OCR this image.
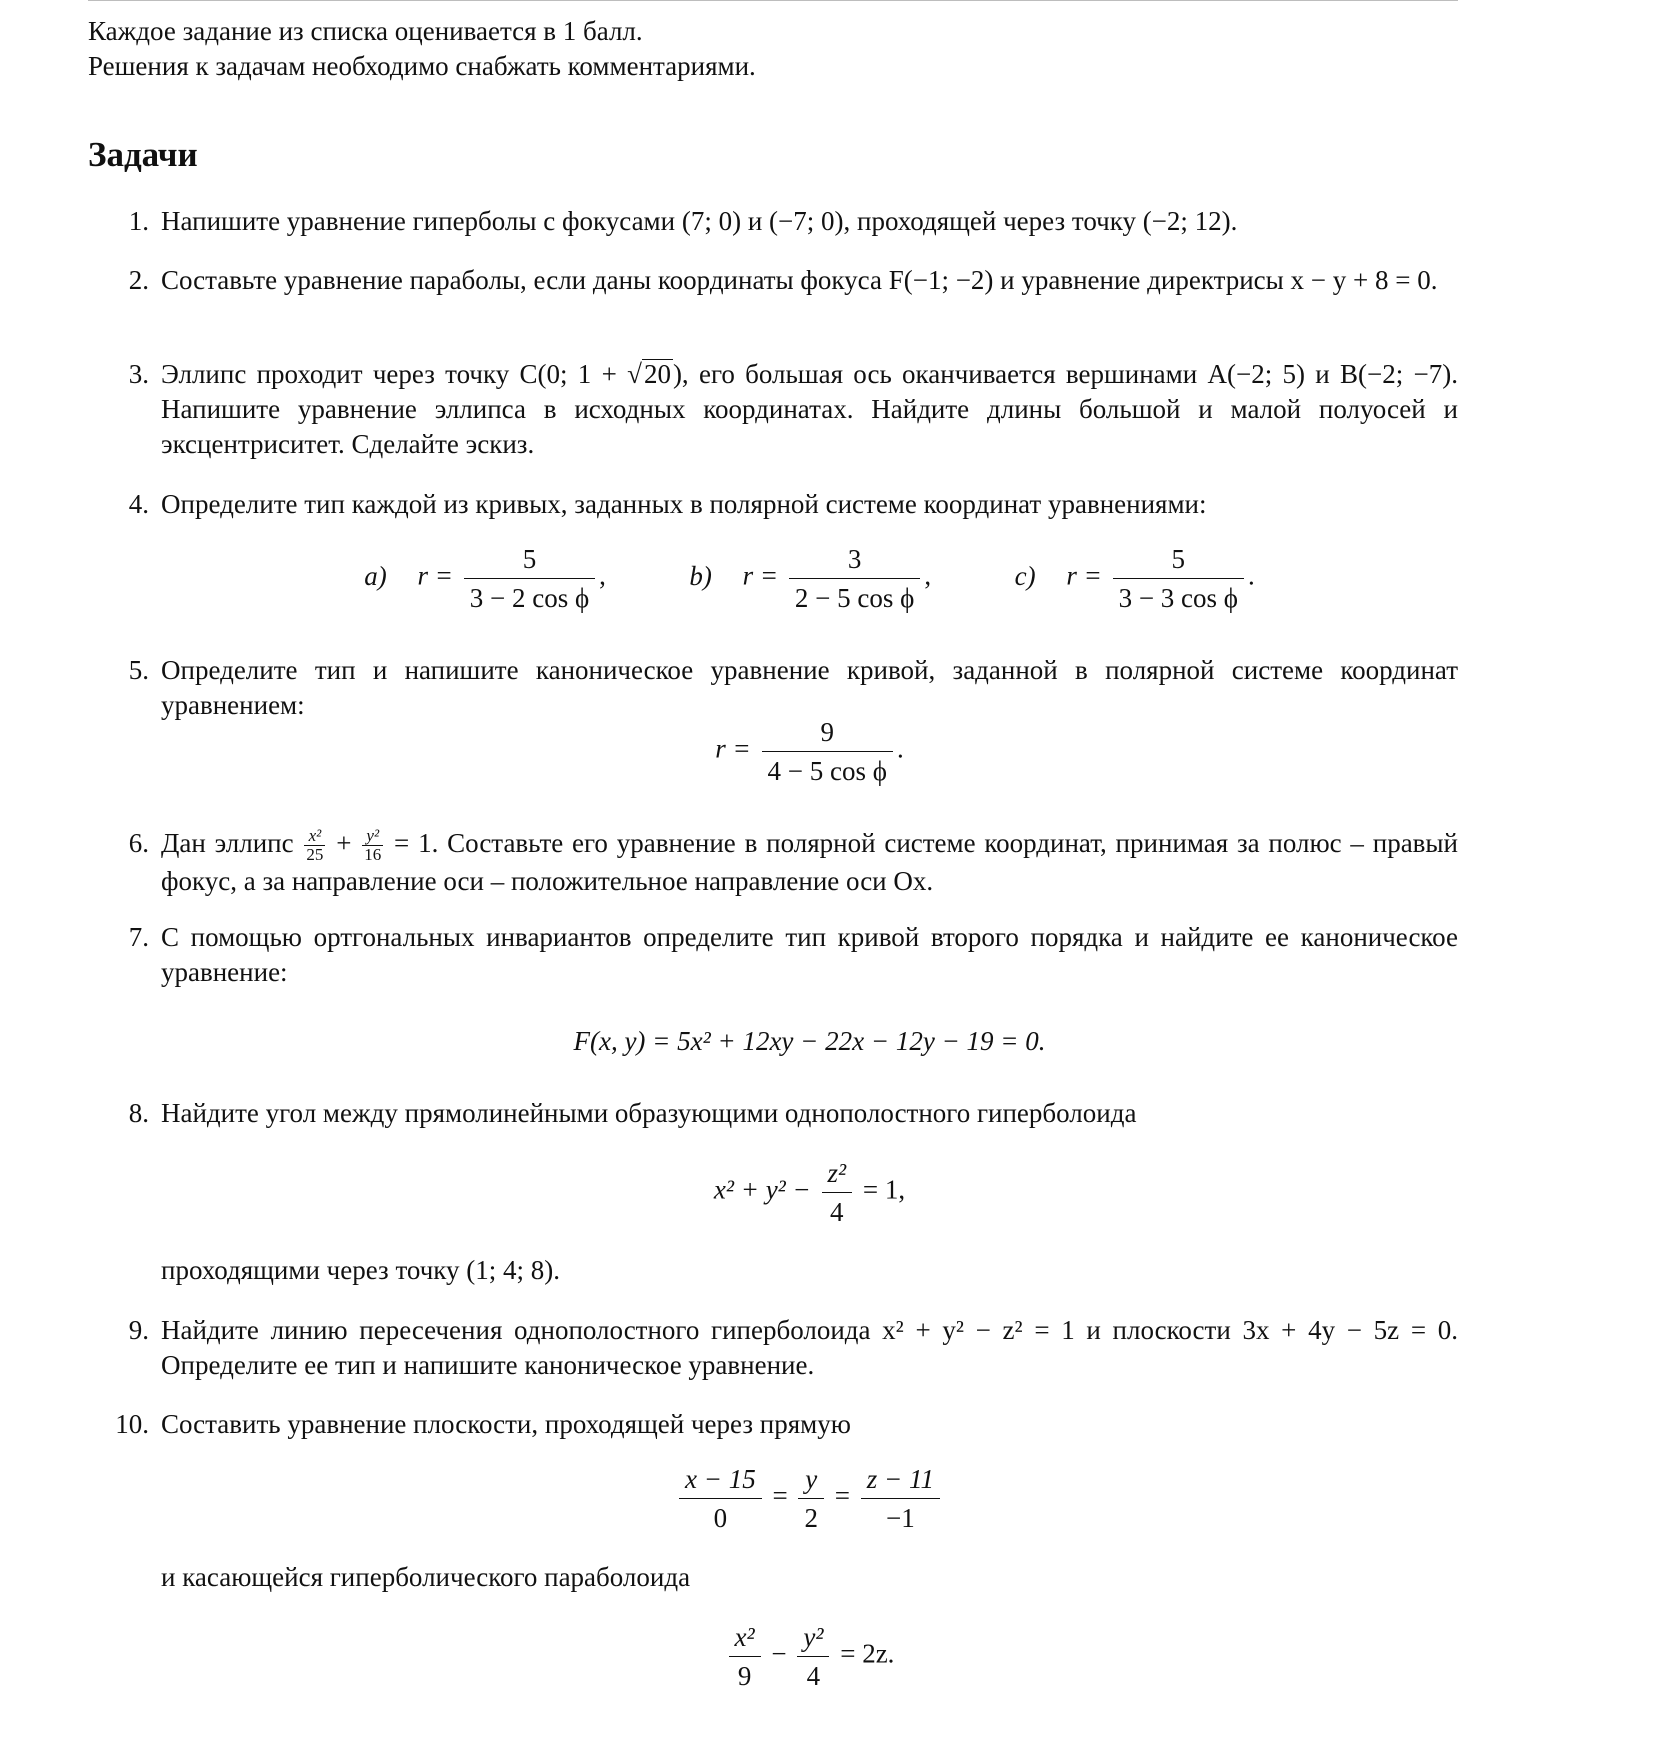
Каждое задание из списка оценивается в 1 балл.

Решения к задачам необходимо снабжать комментариями.

Задачи
1. Напишите уравнение гиперболы с фокусами (7; 0) и (−7; 0), проходящей через точку (−2; 12).

2. Составьте уравнение параболы, если даны координаты фокуса F(−1; −2) и уравнение директрисы x − y + 8 = 0.

3. Эллипс проходит через точку C(0; 1 + √20), его большая ось оканчивается вершинами A(−2; 5) и B(−2; −7). Напишите уравнение эллипса в исходных координатах. Найдите длины большой и малой полуосей и эксцентриситет. Сделайте эскиз.

4. Определите тип каждой из кривых, заданных в полярной системе координат уравнениями:

a) $r = \frac{5}{\text{3 − 2 cos ϕ}}$ ,	b) $r = \frac{3}{\text{2 − 5 cos ϕ}}$ ,	c) $r = \frac{5}{\text{3 − 3 cos ϕ}}$ .
5. Определите тип и напишите каноническое уравнение кривой, заданной в полярной системе координат уравнением:

$r = \frac{9}{\text{4 − 5 cos ϕ}}$ .
6. Дан эллипс $\frac{\text{x²}}{25} + \frac{\text{y²}}{16} = 1$. Составьте его уравнение в полярной системе координат, принимая за полюс – правый фокус, а за направление оси – положительное направление оси Ox.

7. С помощью ортгональных инвариантов определите тип кривой второго порядка и найдите ее каноническое уравнение:

F(x, y) = 5x² + 12xy − 22x − 12y − 19 = 0.
8. Найдите угол между прямолинейными образующими однополостного гиперболоида

$x^2 + y^2 - \frac{\text{z²}}{4} = 1$,

проходящими через точку (1; 4; 8).

9. Найдите линию пересечения однополостного гиперболоида x² + y² − z² = 1 и плоскости 3x + 4y − 5z = 0. Определите ее тип и напишите каноническое уравнение.

10. Составить уравнение плоскости, проходящей через прямую

$\frac{x - 15}{0} = \frac{y}{2} = \frac{z - 11}{-1}$

и касающейся гиперболического параболоида

$\frac{\text{x²}}{9} - \frac{\text{y²}}{4} = 2z$.
